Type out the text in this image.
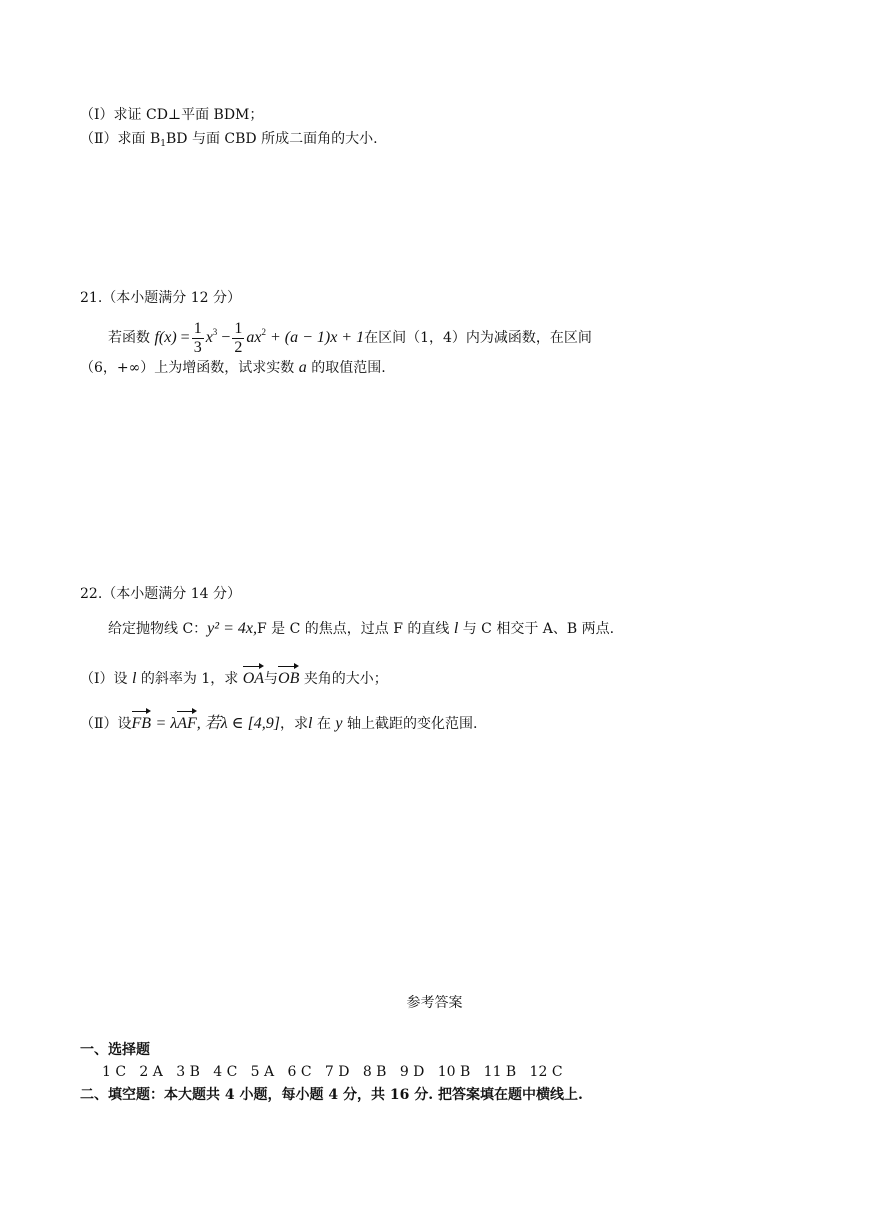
（Ⅰ）求证 CD⊥平面 BDM；
（Ⅱ）求面 $B_1BD$ 与面 CBD 所成二面角的大小.
21.（本小题满分 12 分）
若函数 $f(x) = \frac{1}{3} x^3 - \frac{1}{2} ax^2 + (a - 1)x + 1$在区间（1，4）内为减函数，在区间
（6，+∞）上为增函数，试求实数 a 的取值范围.
22.（本小题满分 14 分）
给定抛物线 C：y² = 4x,F 是 C 的焦点，过点 F 的直线 l 与 C 相交于 A、B 两点.
（Ⅰ）设 l 的斜率为 1，求 OA与OB 夹角的大小；
（Ⅱ）设FB = λAF, 若λ ∈ [4,9]，求l 在 y 轴上截距的变化范围.
参考答案
一、选择题
1 C   2 A   3 B   4 C   5 A   6 C   7 D   8 B   9 D   10 B   11 B   12 C
二、填空题：本大题共 4 小题，每小题 4 分，共 16 分. 把答案填在题中横线上.
